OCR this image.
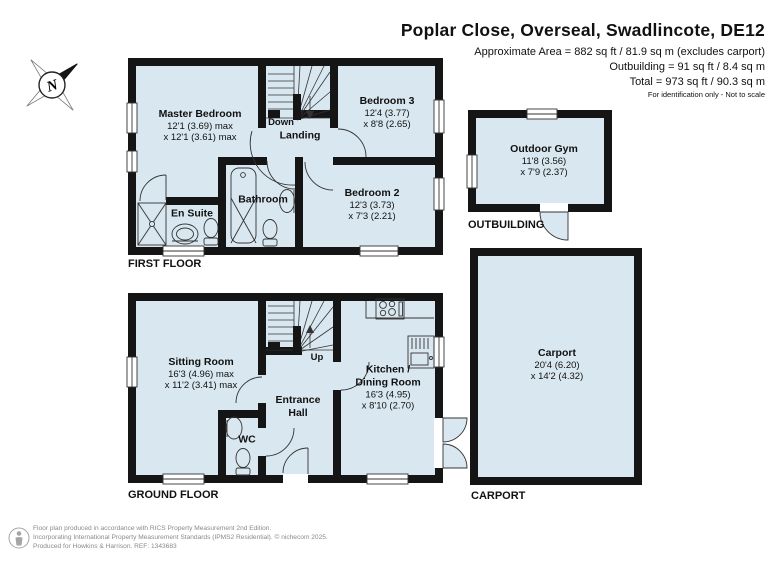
N
Poplar Close, Overseal, Swadlincote, DE12
Approximate Area = 882 sq ft / 81.9 sq m (excludes carport)
Outbuilding = 91 sq ft / 8.4 sq m
Total = 973 sq ft / 90.3 sq m
For identification only - Not to scale
Master Bedroom
12'1 (3.69) max
x 12'1 (3.61) max
Bedroom 3
12'4 (3.77)
x 8'8 (2.65)
Bedroom 2
12'3 (3.73)
x 7'3 (2.21)
Bathroom
En Suite
Landing
Down
FIRST FLOOR
Sitting Room
16'3 (4.96) max
x 11'2 (3.41) max
Kitchen /
Dining Room
16'3 (4.95)
x 8'10 (2.70)
Entrance
Hall
WC
Up
GROUND FLOOR
Outdoor Gym
11'8 (3.56)
x 7'9 (2.37)
OUTBUILDING
Carport
20'4 (6.20)
x 14'2 (4.32)
CARPORT
Floor plan produced in accordance with RICS Property Measurement 2nd Edition.
Incorporating International Property Measurement Standards (IPMS2 Residential). © nichecom 2025.
Produced for Howkins & Harrison. REF: 1343683
